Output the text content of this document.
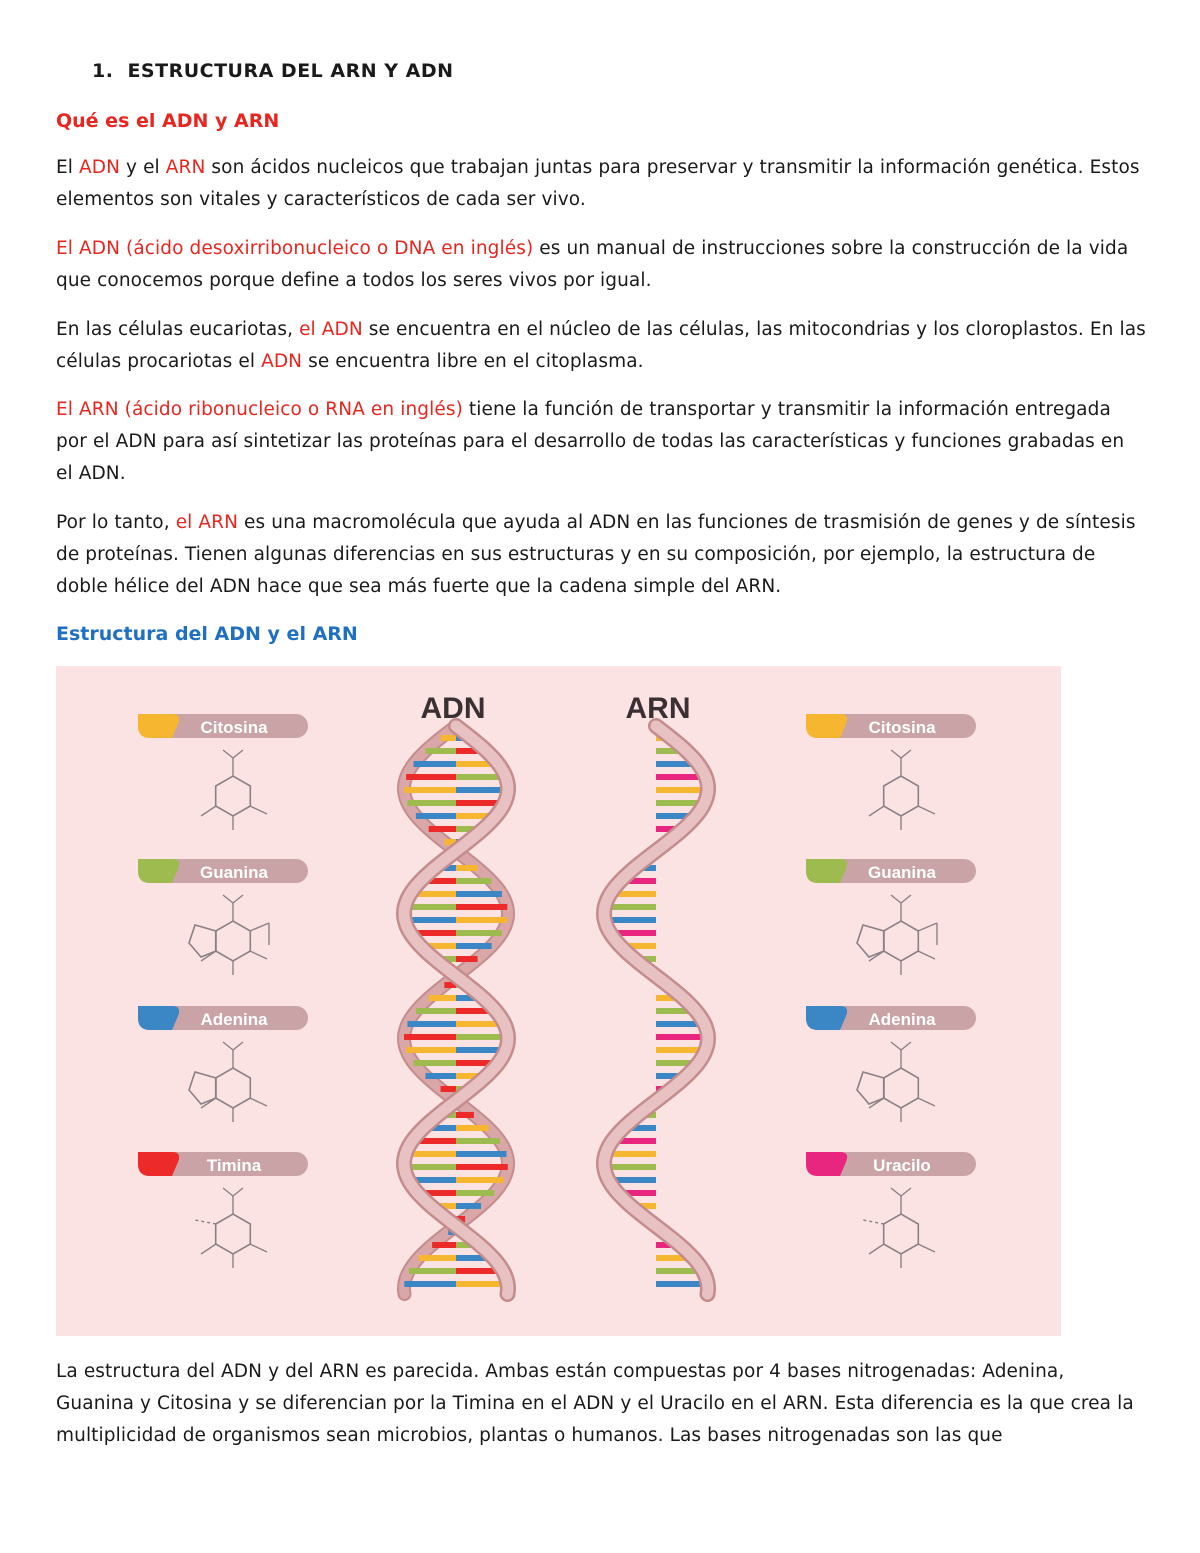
1. ESTRUCTURA DEL ARN Y ADN
Qué es el ADN y ARN
El ADN y el ARN son ácidos nucleicos que trabajan juntas para preservar y transmitir la información genética. Estos elementos son vitales y característicos de cada ser vivo.
El ADN (ácido desoxirribonucleico o DNA en inglés) es un manual de instrucciones sobre la construcción de la vida que conocemos porque define a todos los seres vivos por igual.
En las células eucariotas, el ADN se encuentra en el núcleo de las células, las mitocondrias y los cloroplastos. En las células procariotas el ADN se encuentra libre en el citoplasma.
El ARN (ácido ribonucleico o RNA en inglés) tiene la función de transportar y transmitir la información entregada por el ADN para así sintetizar las proteínas para el desarrollo de todas las características y funciones grabadas en el ADN.
Por lo tanto, el ARN es una macromolécula que ayuda al ADN en las funciones de trasmisión de genes y de síntesis de proteínas. Tienen algunas diferencias en sus estructuras y en su composición, por ejemplo, la estructura de doble hélice del ADN hace que sea más fuerte que la cadena simple del ARN.
Estructura del ADN y el ARN
ADN	ARN
Citosina
Guanina
Adenina
Timina
Citosina
Guanina
Adenina
Uracilo
La estructura del ADN y del ARN es parecida. Ambas están compuestas por 4 bases nitrogenadas: Adenina, Guanina y Citosina y se diferencian por la Timina en el ADN y el Uracilo en el ARN. Esta diferencia es la que crea la multiplicidad de organismos sean microbios, plantas o humanos. Las bases nitrogenadas son las que
